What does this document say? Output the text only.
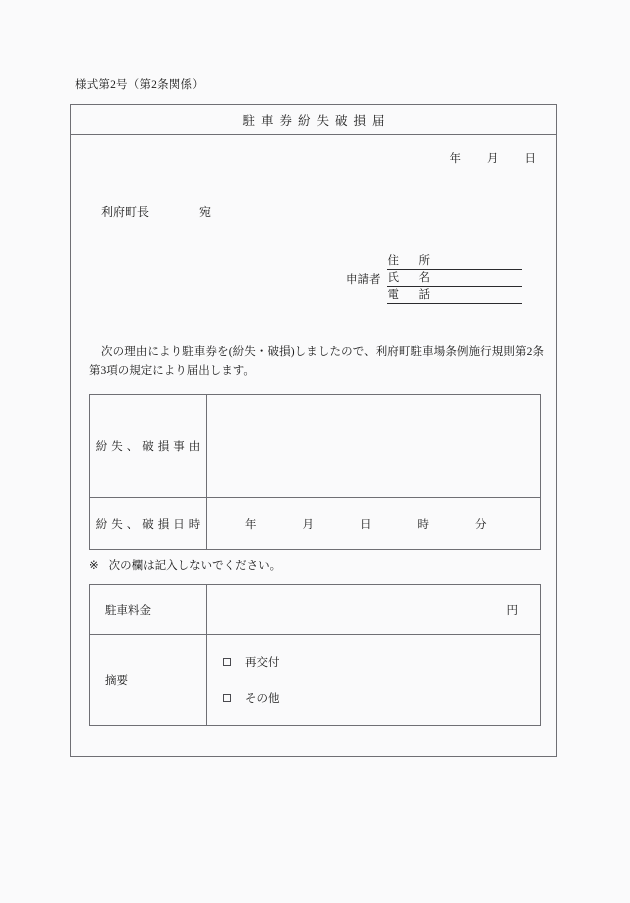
様式第2号（第2条関係）
駐車券紛失破損届
年 月 日
利府町長	宛
申請者
住　所
氏　名
電　話
次の理由により駐車券を(紛失・破損)しましたので、利府町駐車場条例施行規則第2条第3項の規定により届出します。
紛失、破損事由
紛失、破損日時	年	月	日	時	分
※ 次の欄は記入しないでください。
駐車料金	円
摘要
再交付
その他
